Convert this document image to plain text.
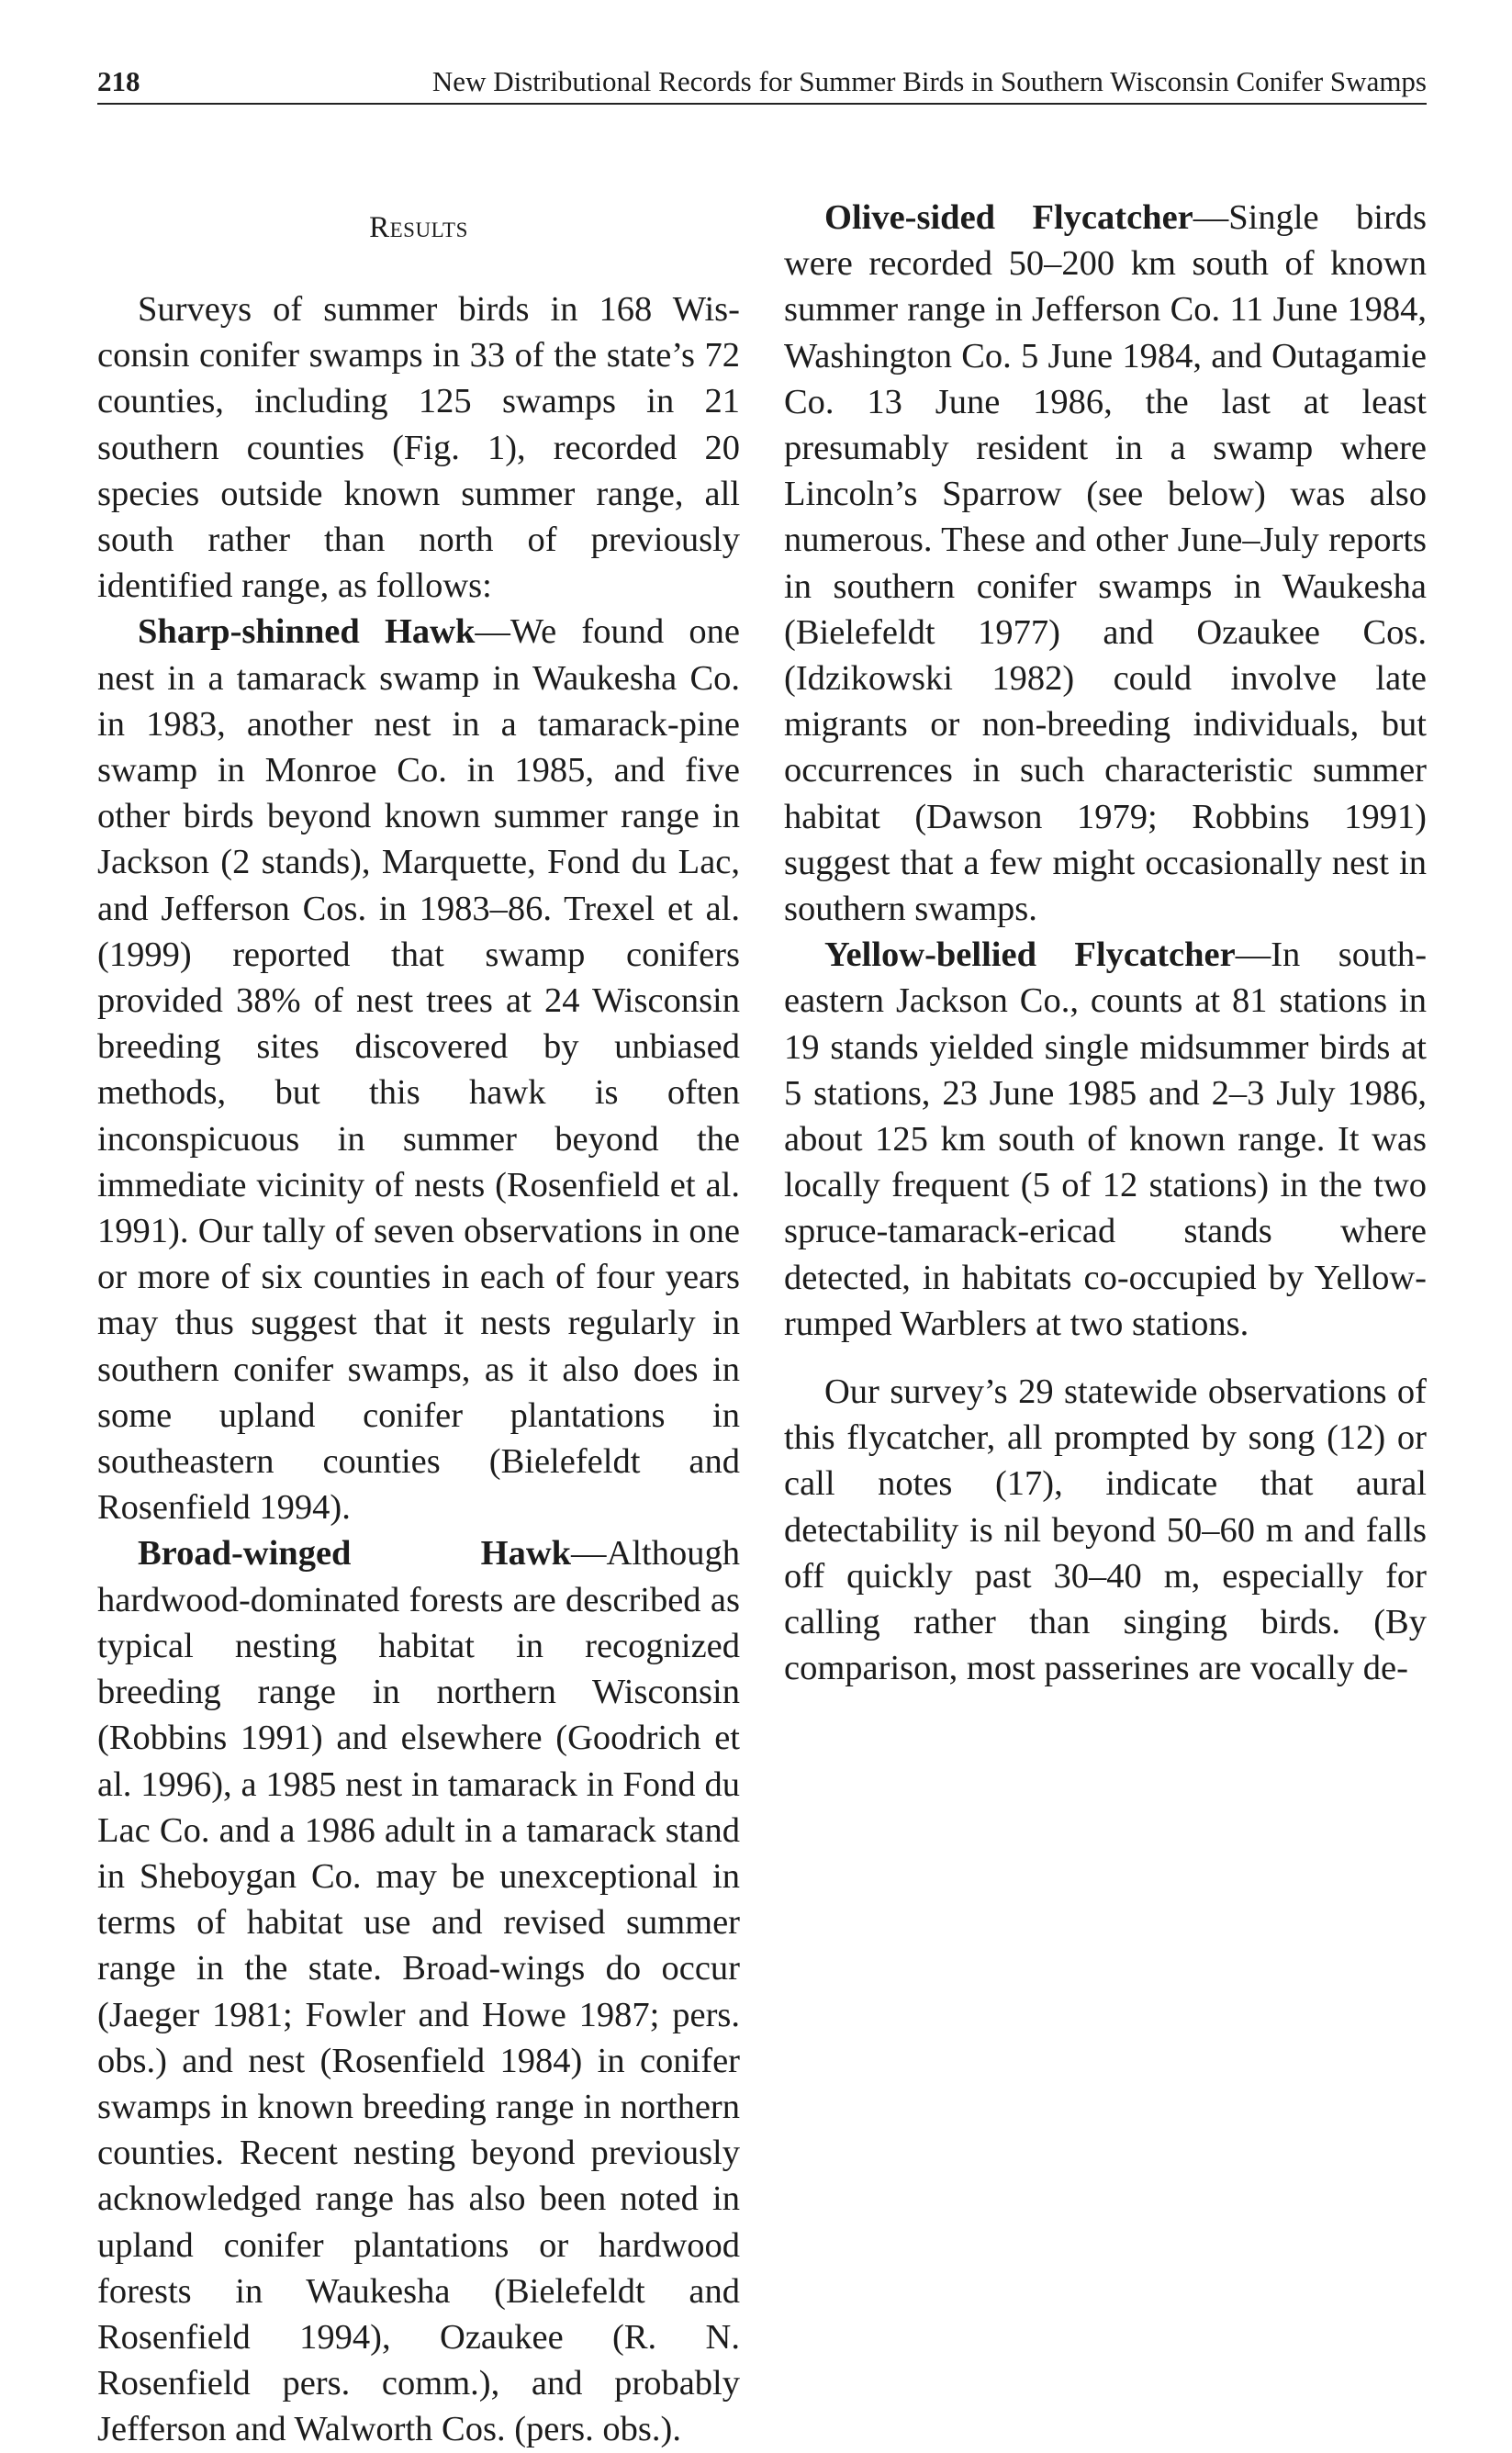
218	New Distributional Records for Summer Birds in Southern Wisconsin Conifer Swamps
Results

Surveys of summer birds in 168 Wisconsin conifer swamps in 33 of the state’s 72 counties, including 125 swamps in 21 southern counties (Fig. 1), recorded 20 species outside known summer range, all south rather than north of previously identified range, as follows:

Sharp-shinned Hawk—We found one nest in a tamarack swamp in Waukesha Co. in 1983, another nest in a tamarack-pine swamp in Monroe Co. in 1985, and five other birds beyond known summer range in Jackson (2 stands), Marquette, Fond du Lac, and Jefferson Cos. in 1983–86. Trexel et al. (1999) reported that swamp conifers provided 38% of nest trees at 24 Wisconsin breeding sites discovered by unbiased methods, but this hawk is often inconspicuous in summer beyond the immediate vicinity of nests (Rosenfield et al. 1991). Our tally of seven observations in one or more of six counties in each of four years may thus suggest that it nests regularly in southern conifer swamps, as it also does in some upland conifer plantations in southeastern counties (Bielefeldt and Rosenfield 1994).

Broad-winged Hawk—Although hardwood-dominated forests are described as typical nesting habitat in recognized breeding range in northern Wisconsin (Robbins 1991) and elsewhere (Goodrich et al. 1996), a 1985 nest in tamarack in Fond du Lac Co. and a 1986 adult in a tamarack stand in Sheboygan Co. may be unexceptional in terms of habitat use and revised summer range in the state. Broad-wings do occur (Jaeger 1981; Fowler and Howe 1987; pers. obs.) and nest (Rosenfield 1984) in conifer swamps in known breeding range in northern counties. Recent nesting beyond previously acknowledged range has also been noted in upland conifer plantations or hardwood forests in Waukesha (Bielefeldt and Rosenfield 1994), Ozaukee (R. N. Rosenfield pers. comm.), and probably Jefferson and Walworth Cos. (pers. obs.).

Olive-sided Flycatcher—Single birds were recorded 50–200 km south of known summer range in Jefferson Co. 11 June 1984, Washington Co. 5 June 1984, and Outagamie Co. 13 June 1986, the last at least presumably resident in a swamp where Lincoln’s Sparrow (see below) was also numerous. These and other June–July reports in southern conifer swamps in Waukesha (Bielefeldt 1977) and Ozaukee Cos. (Idzikowski 1982) could involve late migrants or non-breeding individuals, but occurrences in such characteristic summer habitat (Dawson 1979; Robbins 1991) suggest that a few might occasionally nest in southern swamps.

Yellow-bellied Flycatcher—In southeastern Jackson Co., counts at 81 stations in 19 stands yielded single midsummer birds at 5 stations, 23 June 1985 and 2–3 July 1986, about 125 km south of known range. It was locally frequent (5 of 12 stations) in the two spruce-tamarack-ericad stands where detected, in habitats co-occupied by Yellow-rumped Warblers at two stations.

Our survey’s 29 statewide observations of this flycatcher, all prompted by song (12) or call notes (17), indicate that aural detectability is nil beyond 50–60 m and falls off quickly past 30–40 m, especially for calling rather than singing birds. (By comparison, most passerines are vocally de-
